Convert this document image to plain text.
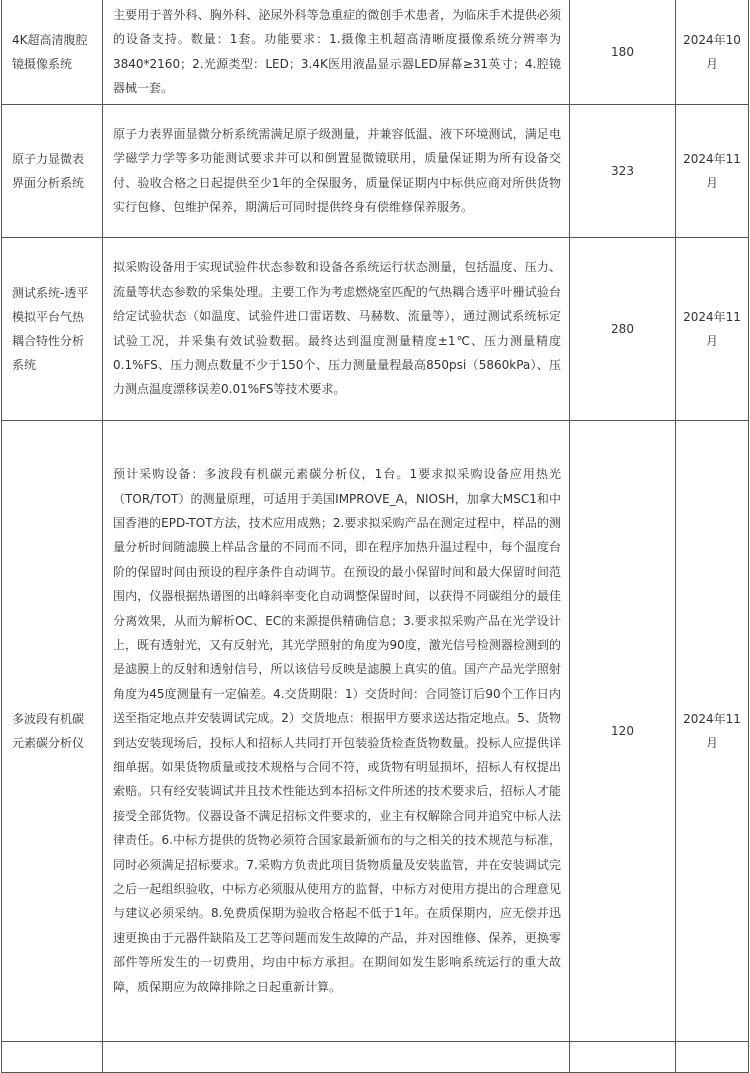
4K超高清腹腔镜摄像系统	主要用于普外科、胸外科、泌尿外科等急重症的微创手术患者，为临床手术提供必须的设备支持。数量：1套。功能要求：1.摄像主机超高清晰度摄像系统分辨率为3840*2160；2.光源类型：LED；3.4K医用液晶显示器LED屏幕≥31英寸；4.腔镜器械一套。	180	2024年10月
原子力显微表界面分析系统	原子力表界面显微分析系统需满足原子级测量，并兼容低温、液下环境测试，满足电学磁学力学等多功能测试要求并可以和倒置显微镜联用，质量保证期为所有设备交付、验收合格之日起提供至少1年的全保服务，质量保证期内中标供应商对所供货物实行包修、包维护保养，期满后可同时提供终身有偿维修保养服务。	323	2024年11月
测试系统-透平模拟平台气热耦合特性分析系统	拟采购设备用于实现试验件状态参数和设备各系统运行状态测量，包括温度、压力、流量等状态参数的采集处理。主要工作为考虑燃烧室匹配的气热耦合透平叶栅试验台给定试验状态（如温度、试验件进口雷诺数、马赫数、流量等），通过测试系统标定试验工况，并采集有效试验数据。最终达到温度测量精度±1℃、压力测量精度0.1%FS、压力测点数量不少于150个、压力测量量程最高850psi（5860kPa）、压力测点温度漂移误差0.01%FS等技术要求。	280	2024年11月
多波段有机碳元素碳分析仪	预计采购设备：多波段有机碳元素碳分析仪，1台。1要求拟采购设备应用热光（TOR/TOT）的测量原理，可适用于美国IMPROVE_A，NIOSH，加拿大MSC1和中国香港的EPD-TOT方法，技术应用成熟；2.要求拟采购产品在测定过程中，样品的测量分析时间随滤膜上样品含量的不同而不同，即在程序加热升温过程中，每个温度台阶的保留时间由预设的程序条件自动调节。在预设的最小保留时间和最大保留时间范围内，仪器根据热谱图的出峰斜率变化自动调整保留时间，以获得不同碳组分的最佳分离效果，从而为解析OC、EC的来源提供精确信息；3.要求拟采购产品在光学设计上，既有透射光，又有反射光，其光学照射的角度为90度，激光信号检测器检测到的是滤膜上的反射和透射信号，所以该信号反映是滤膜上真实的值。国产产品光学照射角度为45度测量有一定偏差。4.交货期限：1）交货时间：合同签订后90个工作日内送至指定地点并安装调试完成。2）交货地点：根据甲方要求送达指定地点。5、货物到达安装现场后，投标人和招标人共同打开包装验货检查货物数量。投标人应提供详细单据。如果货物质量或技术规格与合同不符，或货物有明显损坏，招标人有权提出索赔。只有经安装调试并且技术性能达到本招标文件所述的技术要求后，招标人才能接受全部货物。仪器设备不满足招标文件要求的，业主有权解除合同并追究中标人法律责任。6.中标方提供的货物必须符合国家最新颁布的与之相关的技术规范与标准，同时必须满足招标要求。7.采购方负责此项目货物质量及安装监管，并在安装调试完之后一起组织验收，中标方必须服从使用方的监督，中标方对使用方提出的合理意见与建议必须采纳。8.免费质保期为验收合格起不低于1年。在质保期内，应无偿并迅速更换由于元器件缺陷及工艺等问题而发生故障的产品，并对因维修、保养，更换零部件等所发生的一切费用，均由中标方承担。在期间如发生影响系统运行的重大故障，质保期应为故障排除之日起重新计算。	120	2024年11月
